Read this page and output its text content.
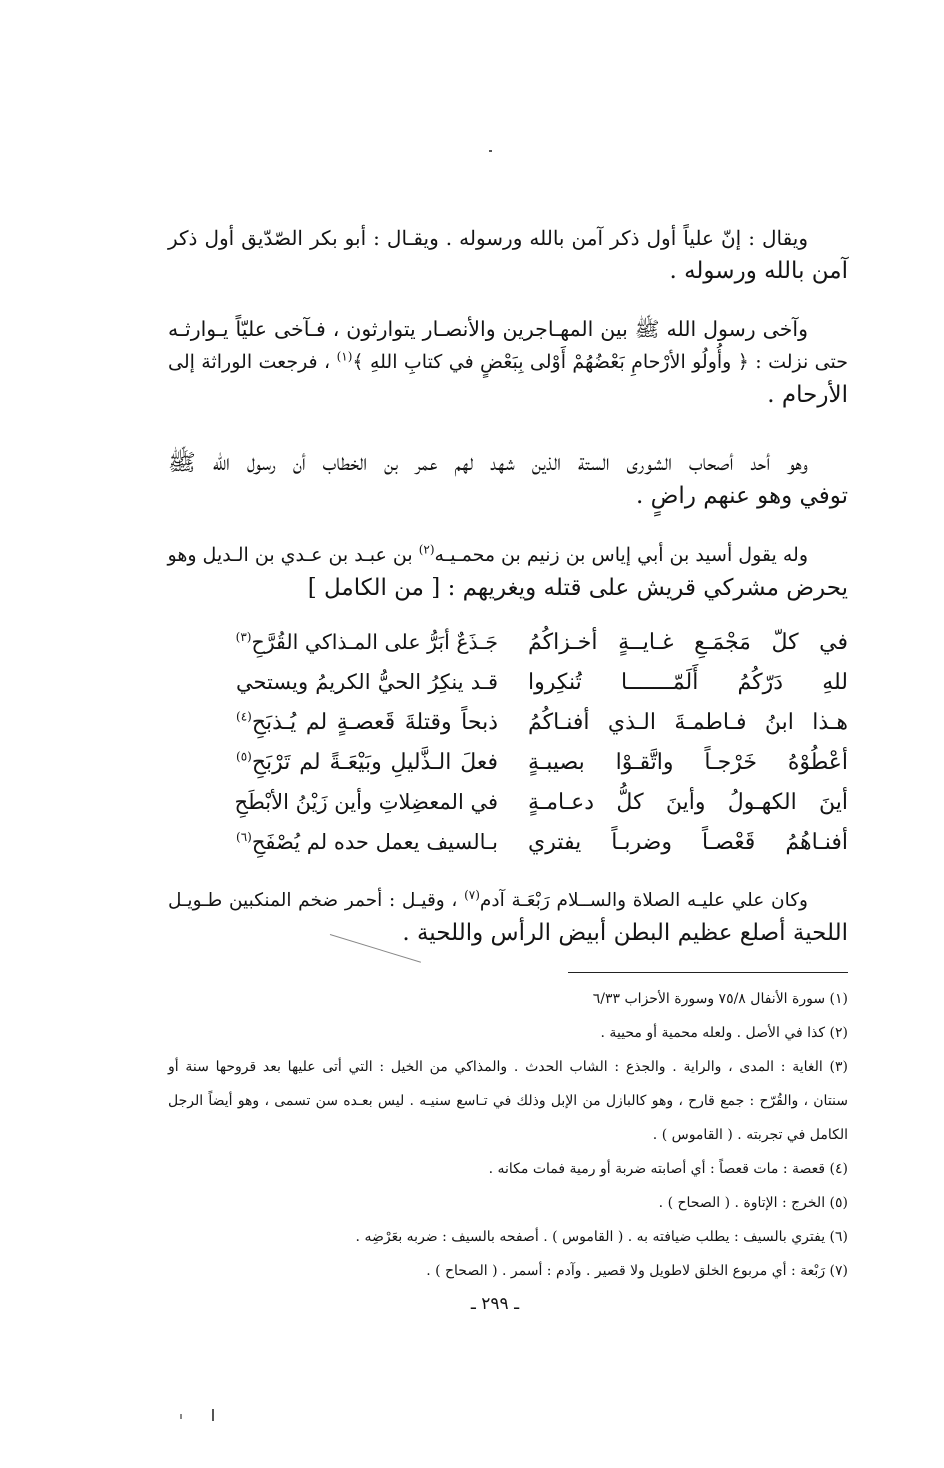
ويقال : إنّ علياً أول ذكر آمن بالله ورسوله . ويقـال : أبو بكر الصّدّيق أول ذكر
آمن بالله ورسوله .
وآخى رسول الله ﷺ بين المهـاجرين والأنصـار يتوارثون ، فـآخى عليّاً يـوارثـه
حتى نزلت : ﴿ وأُولُو الأرْحامِ بَعْضُهُمْ أَوْلى بِبَعْضٍ في كتابِ اللهِ ﴾$^{(١)}$ ، فرجعت الوراثة إلى
الأرحام .
وهو أحد أصحاب الشورى الستة الذين شهد لهم عمر بن الخطاب أن رسول الله ﷺ
توفي وهو عنهم راضٍ .
وله يقول أسيد بن أبي إياس بن زنيم بن محمـيـه$^{(٢)}$ بن عبـد بن عـدي بن الـديل وهو
يحرض مشركي قريش على قتله ويغريهم : [ من الكامل ]
في كلّ مَجْمَـعِ غـايــةٍ أخـزاكُمُ
جَـذَعٌ أبَرُّ على المـذاكي القُرَّحِ$^{(٣)}$
للهِ دَرّكُمُ أَلَمّـــــــا تُنكِروا
قـد ينكِرُ الحيُّ الكريمُ ويستحي
هـذا ابنُ فـاطمـةَ الـذي أفنـاكُمُ
ذبحاً وقتلةَ قَعصـةٍ لم يُـذبَحِ$^{(٤)}$
أعْطُوْهُ خَرْجـاً واتَّقـوْا بصيبـةٍ
فعلَ الـذَّليلِ وبَيْعَـةً لم تَرْبَحِ$^{(٥)}$
أينَ الكهـولُ وأينَ كلُّ دعـامـةٍ
في المعضِلاتِ وأين زَيْنُ الأبْطَحِ
أفنـاهُمُ قَعْصـاً وضربـاً يفتري
بـالسيف يعمل حده لم يُصْفَحِ$^{(٦)}$
وكان علي عليـه الصلاة والســلام رَبْعَـة آدم$^{(٧)}$ ، وقيـل : أحمر ضخم المنكبين طـويـل
اللحية أصلع عظيم البطن أبيض الرأس واللحية .
(١) سورة الأنفال ٧٥/٨ وسورة الأحزاب ٦/٣٣
(٢) كذا في الأصل . ولعله محمية أو محيية .
(٣) الغاية : المدى ، والراية . والجذع : الشاب الحدث . والمذاكي من الخيل : التي أتى عليها بعد قروحها سنة أو
سنتان ، والقُرّح : جمع قارح ، وهو كالبازل من الإبل وذلك في تـاسع سنيـه . ليس بعـده سن تسمى ، وهو أيضاً الرجل
الكامل في تجربته . ( القاموس ) .
(٤) قعصة : مات قعصاً : أي أصابته ضربة أو رمية فمات مكانه .
(٥) الخرج : الإتاوة . ( الصحاح ) .
(٦) يفتري بالسيف : يطلب ضيافته به . ( القاموس ) . أصفحه بالسيف : ضربه بعَرْضِه .
(٧) رَبْعة : أي مربوع الخلق لاطويل ولا قصير . وآدم : أسمر . ( الصحاح ) .
ـ ٢٩٩ ـ
